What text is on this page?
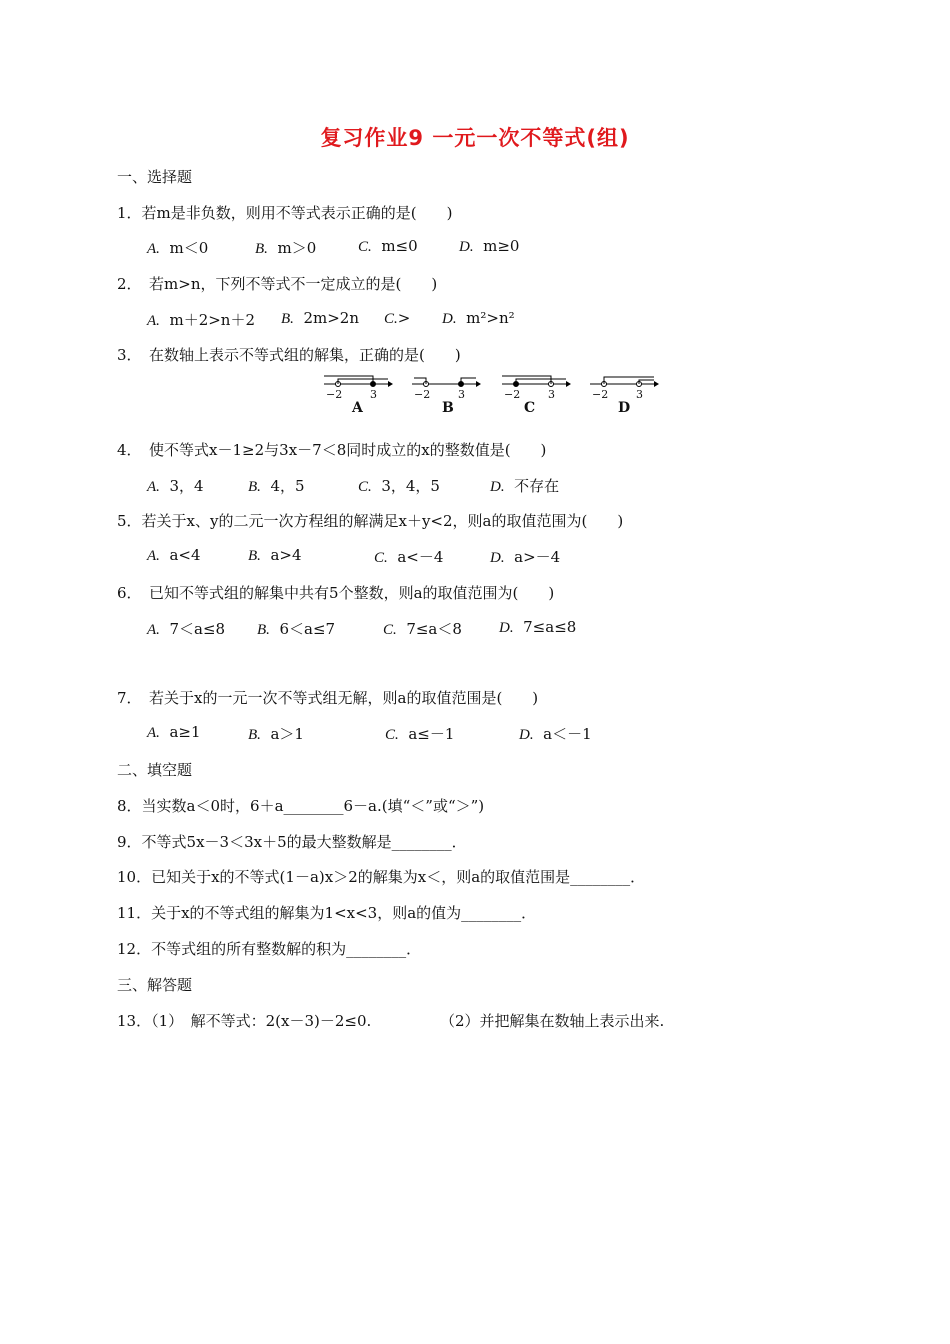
复习作业9 一元一次不等式(组)
一、选择题
1．若m是非负数，则用不等式表示正确的是(　　)
A. m＜0	B. m＞0	C. m≤0	D. m≥0
2．　若m>n，下列不等式不一定成立的是(　　)
A. m＋2>n＋2 B. 2m>2n C.> D. m²>n²
3．　在数轴上表示不等式组的解集，正确的是(　　)
−2	3
A
−2	3
B
−2	3
C
−2	3
D
4．　使不等式x－1≥2与3x－7＜8同时成立的x的整数值是(　　)
A. 3，4	B. 4，5	C. 3，4，5	D. 不存在
5．若关于x、y的二元一次方程组的解满足x＋y<2，则a的取值范围为(　　)
A. a<4	B. a>4	C. a<－4	D. a>－4
6．　已知不等式组的解集中共有5个整数，则a的取值范围为(　　)
A. 7＜a≤8 B. 6＜a≤7	C. 7≤a＜8 D. 7≤a≤8
7．　若关于x的一元一次不等式组无解，则a的取值范围是(　　)
A. a≥1	B. a＞1	C. a≤－1	D. a＜－1
二、填空题
8．当实数a＜0时，6＋a________6－a.(填“＜”或“＞”)
9．不等式5x－3＜3x＋5的最大整数解是________．
10．已知关于x的不等式(1－a)x＞2的解集为x＜，则a的取值范围是________．
11．关于x的不等式组的解集为1<x<3，则a的值为________．
12．不等式组的所有整数解的积为________．
三、解答题
13．（1）　解不等式：2(x－3)－2≤0.	（2）并把解集在数轴上表示出来.
